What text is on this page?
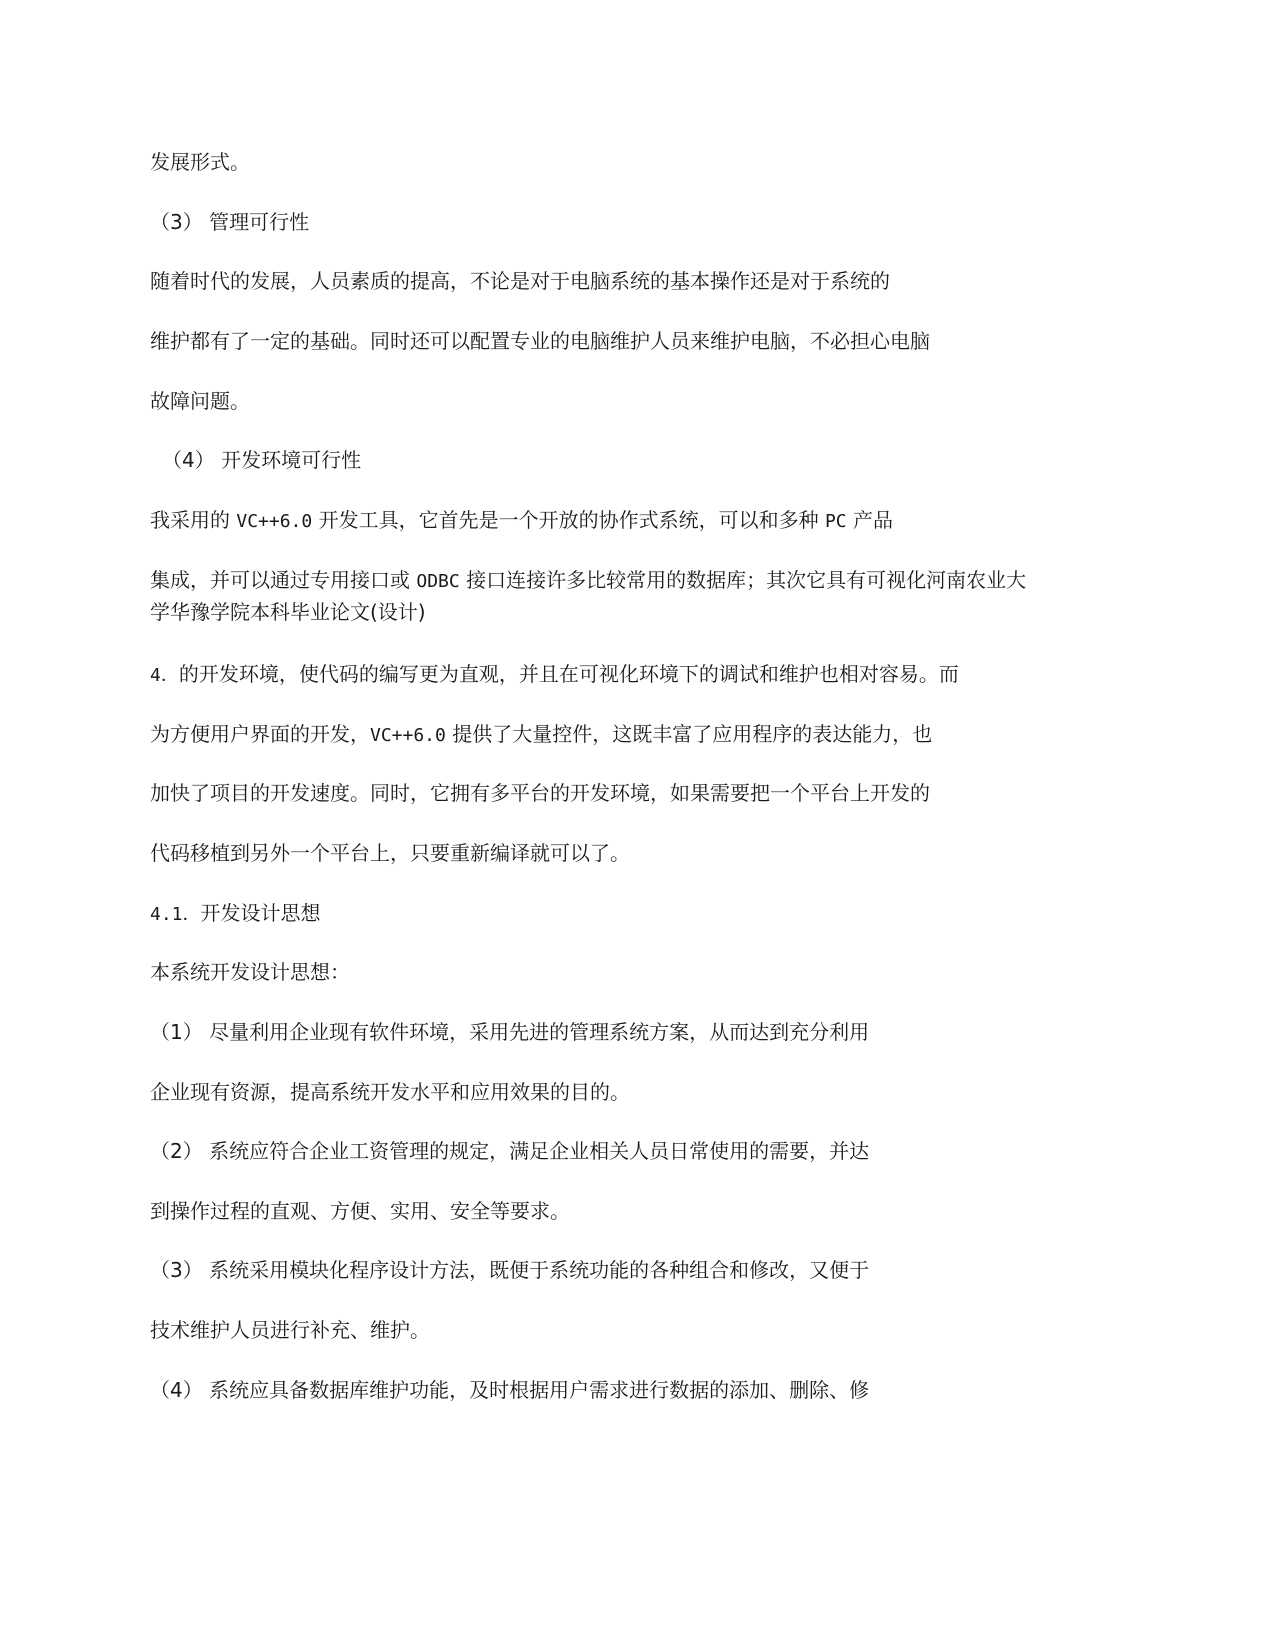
发展形式。

（3） 管理可行性

随着时代的发展，人员素质的提高，不论是对于电脑系统的基本操作还是对于系统的

维护都有了一定的基础。同时还可以配置专业的电脑维护人员来维护电脑，不必担心电脑

故障问题。

（4） 开发环境可行性

我采用的 VC++6.0 开发工具，它首先是一个开放的协作式系统，可以和多种 PC 产品

集成，并可以通过专用接口或 ODBC 接口连接许多比较常用的数据库；其次它具有可视化河南农业大

学华豫学院本科毕业论文(设计)

4．的开发环境，使代码的编写更为直观，并且在可视化环境下的调试和维护也相对容易。而

为方便用户界面的开发，VC++6.0 提供了大量控件，这既丰富了应用程序的表达能力，也

加快了项目的开发速度。同时，它拥有多平台的开发环境，如果需要把一个平台上开发的

代码移植到另外一个平台上，只要重新编译就可以了。

4.1．开发设计思想

本系统开发设计思想：

（1） 尽量利用企业现有软件环境，采用先进的管理系统方案，从而达到充分利用

企业现有资源，提高系统开发水平和应用效果的目的。

（2） 系统应符合企业工资管理的规定，满足企业相关人员日常使用的需要，并达

到操作过程的直观、方便、实用、安全等要求。

（3） 系统采用模块化程序设计方法，既便于系统功能的各种组合和修改，又便于

技术维护人员进行补充、维护。

（4） 系统应具备数据库维护功能，及时根据用户需求进行数据的添加、删除、修
